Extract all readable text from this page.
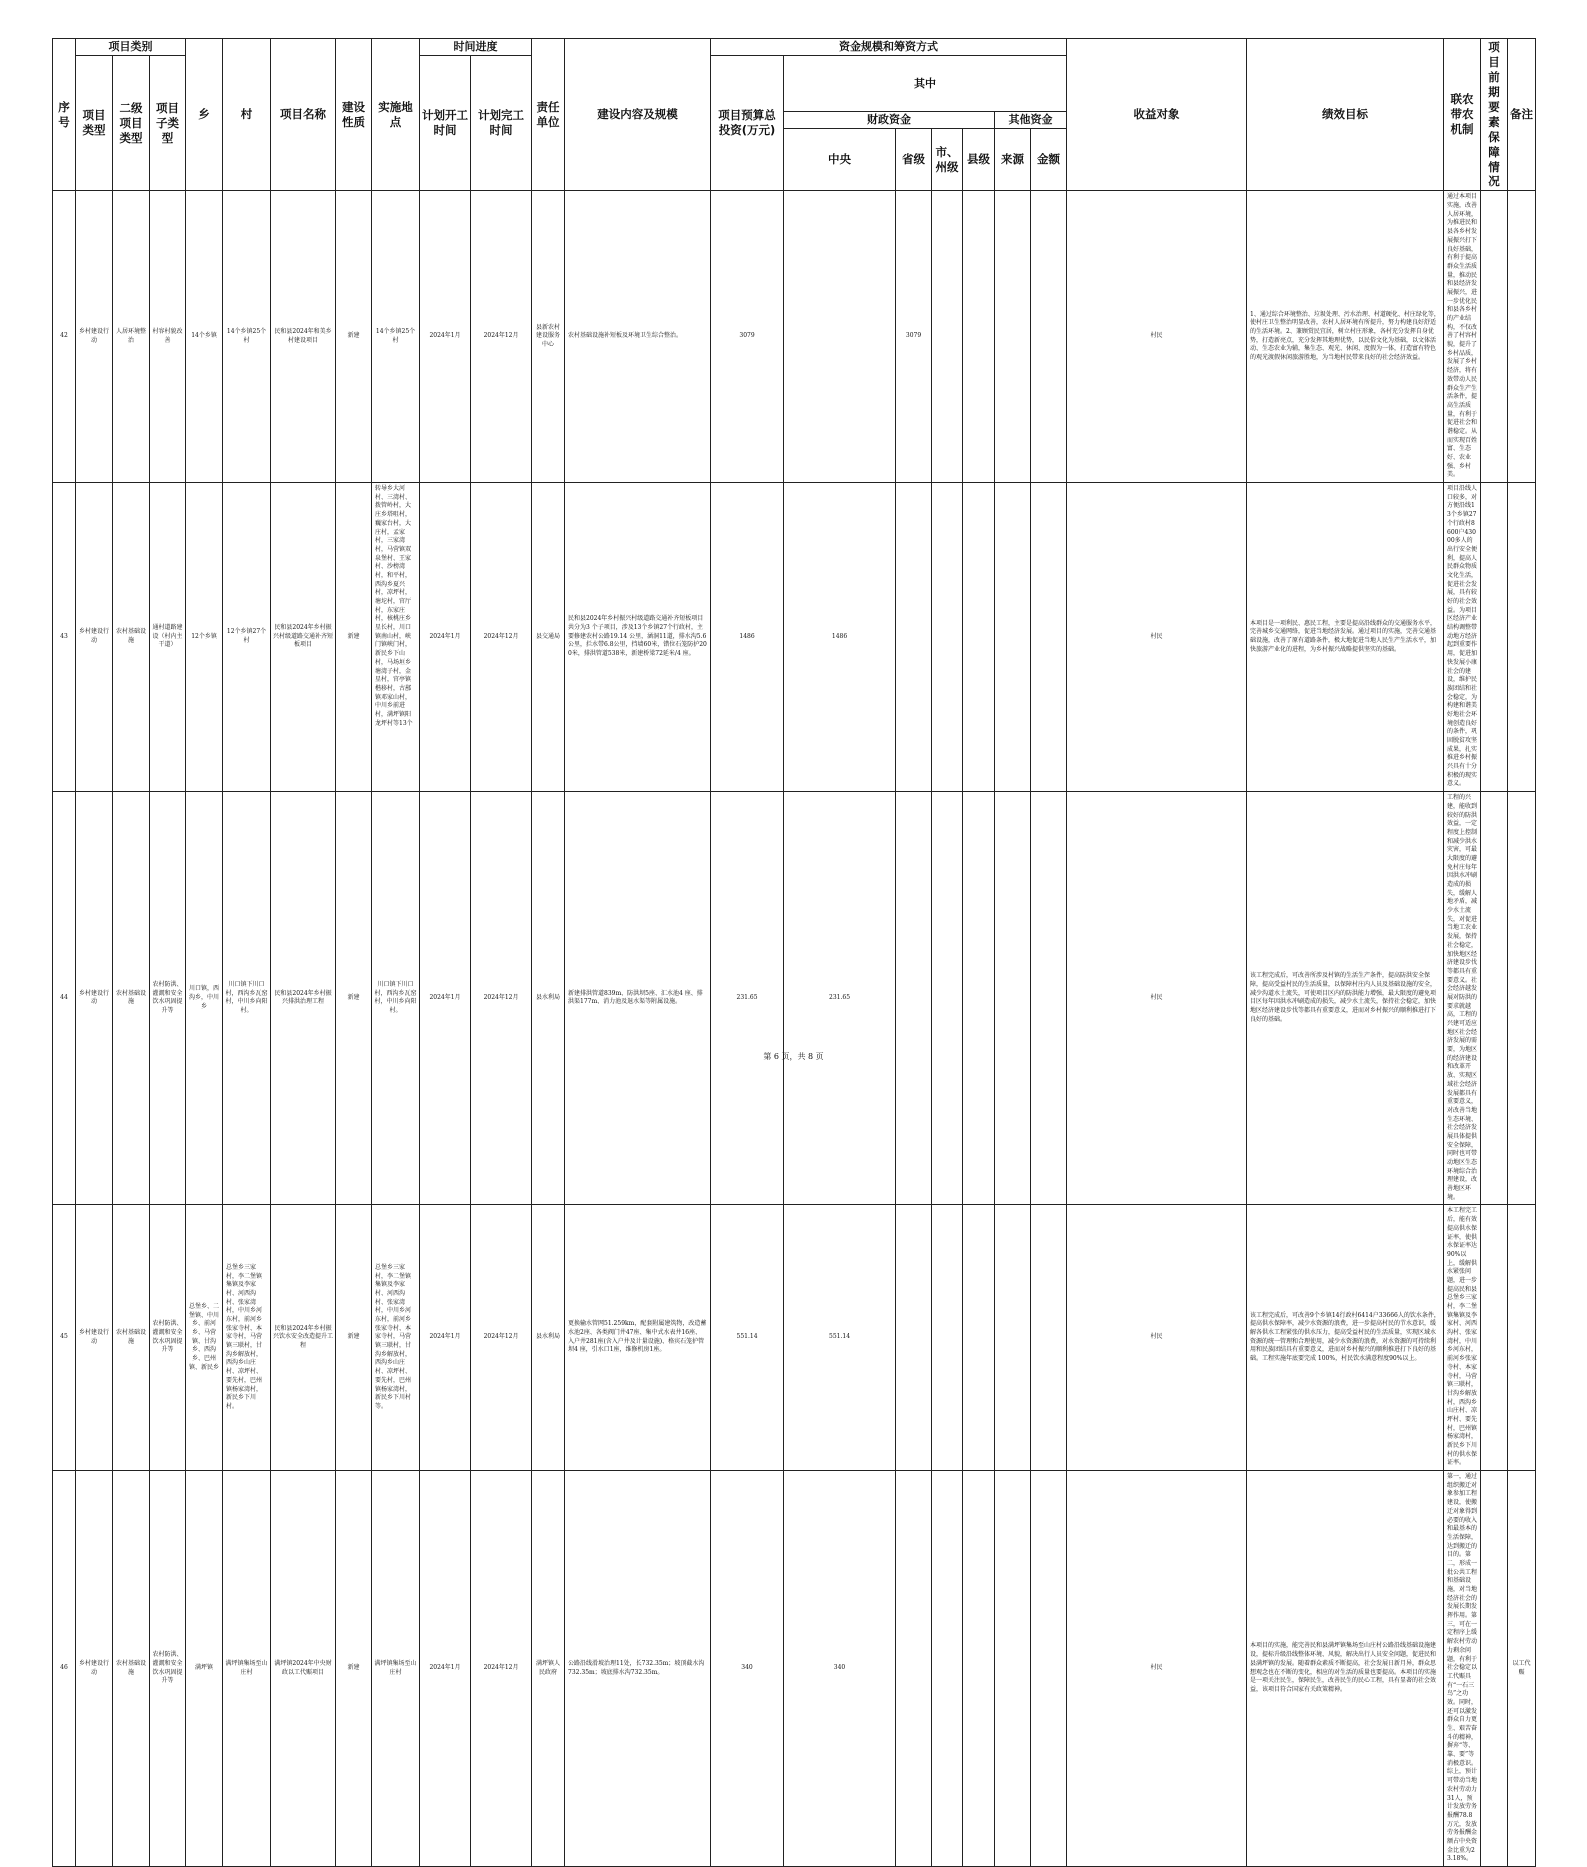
序号	项目类别			乡	村	项目名称	建设性质	实施地点	时间进度		责任单位	建设内容及规模	资金规模和筹资方式							收益对象	绩效目标	联农带农机制	项目前期要素保障情况	备注
	项目类型	二级项目类型	项目子类型						计划开工时间	计划完工时间			项目预算总投资(万元)	其中										
														财政资金				其他资金						
														中央	省级	市、州级	县级	来源	金额					
42	乡村建设行动	人居环境整治	村容村貌改善	14个乡镇	14个乡镇25个村	民和县2024年和美乡村建设项目	新建	14个乡镇25个村	2024年1月	2024年12月	县新农村建设服务中心	农村基础设施补短板及环境卫生综合整治。	3079		3079					村民	1、通过综合环境整治、垃圾处理、污水治理、村道硬化、村庄绿化等，使村庄卫生整治明显改善，农村人居环境有所提升，努力构建良好舒适的生活环境。2、兼顾赏民宜居，树立村庄形象，各村充分发挥自身优势，打造新亮点，充分发挥其地理优势，以民俗文化为基础，以文体活动、生态农业为辅，集生态、观光、休闲、度假为一体，打造富有特色的观光渡假休闲旅游胜地，为当地村民带来良好的社会经济效益。	通过本项目实施，改善人居环境，为推进民和县各乡村发展振兴打下良好基础，有利于提高群众生活质量，推动民和县经济发展振兴，进一步优化民和县各乡村的产业结构，不仅改善了村容村貌，提升了乡村品质，发展了乡村经济，将有效带动人民群众生产生活条件，提高生活质量，有利于促进社会和谐稳定。从而实现百姓富、生态好、农业强、乡村美。		
43	乡村建设行动	农村基础设施	通村道路建设（村内主干道）	12个乡镇	12个乡镇27个村	民和县2024年乡村振兴村级道路交通补齐短板项目	新建	转导乡大河村、三湾村、拨管岭村，大庄乡塔咀村，巍家台村，大庄村，孟家村，三家湾村，马营镇双泉堡村、王家村、沙榜湾村，和平村，西沟乡夏兴村，凉坪村，塘坨村，官厅村，东家庄村，核桃庄乡星长村，川口镇南山村，峡门镇峡门村，新民乡下山村，马场垣乡塘湾子村，金星村，官亭镇楷移村，古鄯镇邓家山村，中川乡前进村，满坪镇阳龙坪村等13个	2024年1月	2024年12月	县交通局	民和县2024年乡村振兴村级道路交通补齐短板项目共分为3 个子项目，涉及13个乡镇27个行政村，主要修建农村公路19.14 公里，涵洞11道，排水沟5.6公里，拦水带6.8公里，挡墙60米，错位石笼防护200米，排洪管道538米，新建桥梁72延米/4 座。	1486	1486						村民	本项目是一项利民、惠民工程，主要是提高沿线群众的交通服务水平，完善城乡交通网络，促进当地经济发展。通过项目的实施，完善交通基础设施，改善了原有道路条件，极大地促进当地人民生产生活水平，加快旅游产业化的进程，为乡村振兴战略提供坚实的基础。	项目沿线人口较多，对方便沿线13个乡镇27 个行政村8600户43000多人的出行安全便利，提高人民群众物质文化生活，促进社会发展，具有较好的社会效益。为项目区经济产业结构调整带动地方经济起到重要作用，促进加快发展小康社会的建设，维护民族团结和社会稳定，为构建和谐美好地社会环境创造良好的条件，巩固脱贫攻坚成果，扎实推进乡村振兴具有十分积极的现实意义。		
44	乡村建设行动	农村基础设施	农村防洪、灌溉和安全饮水巩固提升等	川口镇，西沟乡，中川乡	川口镇下川口村，西沟乡瓦窑村，中川乡向阳村。	民和县2024年乡村振兴排洪治理工程	新建	川口镇下川口村，西沟乡瓦窑村，中川乡向阳村。	2024年1月	2024年12月	县水利局	新建排洪管道839m、防洪坝5座、汇水池4 座、排洪渠177m、消力池及退水渠等附属设施。	231.65	231.65						村民	该工程完成后，可改善所涉及村镇的生活生产条件，提高防洪安全保障，提高受益村民的生活质量，以保障村庄内人员及基础设施的安全，减少沟道水土流失，可使项目区内的防洪能力增强，最大限度的避免项目区每年因洪水冲刷造成的损失，减少水土流失，保持社会稳定，加快地区经济建设步伐等都具有重要意义，进而对乡村振兴的顺利推进打下良好的基础。	工程的兴建，能收到较好的防洪效益，一定程度上控制和减少洪水灾害，可最大限度的避免村庄每年因洪水冲刷造成的损失，缓解人地矛盾，减少水土流失，对促进当地工农业发展，保持社会稳定，加快地区经济建设步伐等都具有重要意义。社会经济越发展对防洪的要求就越高，工程的兴建可适应地区社会经济发展的需要，为地区的经济建设和改革开放、实现区域社会经济发展都具有重要意义，对改善当地生态环境、社会经济发展具体提供安全保障，同时也可带动地区生态环境综合治理建设，改善地区环境。		
45	乡村建设行动	农村基础设施	农村防洪、灌溉和安全饮水巩固提升等	总堡乡、二堡镇、中川乡、前河乡、马营镇、甘沟乡、西沟乡、巴州镇、新民乡	总堡乡三家村，李二堡镇集镇及李家村、河西沟村、张家湾村，中川乡河东村，前河乡张家寺村、本家寺村，马营镇三联村，甘沟乡解放村，西沟乡山庄村、凉坪村、要先村，巴州镇杨家湾村，新民乡下川村。	民和县2024年乡村振兴饮水安全改造提升工程	新建	总堡乡三家村，李二堡镇集镇及李家村、河西沟村、张家湾村，中川乡河东村，前河乡张家寺村、本家寺村，马营镇三联村，甘沟乡解放村，西沟乡山庄村、凉坪村、要先村，巴州镇杨家湾村，新民乡下川村等。	2024年1月	2024年12月	县水利局	更换输水管网51.259km，配套附属建筑物，改造蓄水池2座、各类阀门井47座、集中式水表井16座、入户井281座(含入户井及计量设施)、格宾石笼护管坝4 座，引水口1座，维修机房1座。	551.14	551.14						村民	该工程完成后，可改善9个乡镇14行政村6414户33666人的饮水条件，提高供水保障率，减少水资源的浪费，进一步提高村民的节水意识，缓解各供水工程紧张的供水压力，提高受益村民的生活质量，实现区域水资源的统一管理和合理使用，减少水资源的浪费，对水资源的可持续利用和民族团结具有重要意义，进而对乡村振兴的顺利推进打下良好的基础。工程实施年底要完成 100%，村民饮水满意程度90%以上。	本工程完工后，能有效提高供水保证率，使供水保证率达90%以上，缓解供水紧张问题，进一步提高民和县总堡乡三家村，李二堡镇集镇及李家村、河西沟村、张家湾村，中川乡河东村，前河乡张家寺村、本家寺村，马营镇三联村，甘沟乡解放村，西沟乡山庄村、凉坪村、要先村，巴州镇杨家湾村，新民乡下川村的供水保证率。		
46	乡村建设行动	农村基础设施	农村防洪、灌溉和安全饮水巩固提升等	满坪镇	满坪镇集场至山庄村	满坪镇2024年中央财政以工代赈项目	新建	满坪镇集场至山庄村	2024年1月	2024年12月	满坪镇人民政府	公路沿线滑坡治理11处，长732.35m；坡顶截水沟732.35m；坡底排水沟732.35m。	340	340						村民	本项目的实施，能完善民和县满坪镇集场至山庄村公路沿线基础设施建设，提标升级沿线整体环境、风貌，解决出行人员安全问题，促进民和县满坪镇的发展。随着群众素质不断提高，社会发展日新月异，群众思想观念也在不断的变化，相应的对生活的质量也要提高。本项目的实施是一项关注民生，保障民生，改善民生的民心工程，具有显著的社会效益，该项目符合国家有关政策精神。	第一，通过组织搬迁对象参加工程建设，使搬迁对象得到必要的收入和最基本的生活保障，达到搬迁的目的。第二，形成一批公共工程和基础设施，对当地经济社会的发展长期发挥作用。第三，可在一定程序上缓解农村劳动力剩余问题，有利于社会稳定以工代赈具有“一石三鸟”之功效。同时，还可以激发群众自力更生、艰苦奋斗的精神，摒弃“等、靠、要”等消极意识。综上，预计可带动当地农村劳动力31人，预计发放劳务报酬78.8万元，发放劳务报酬金额占中央资金比重为23.18%。		以工代赈
第 6 页，共 8 页
